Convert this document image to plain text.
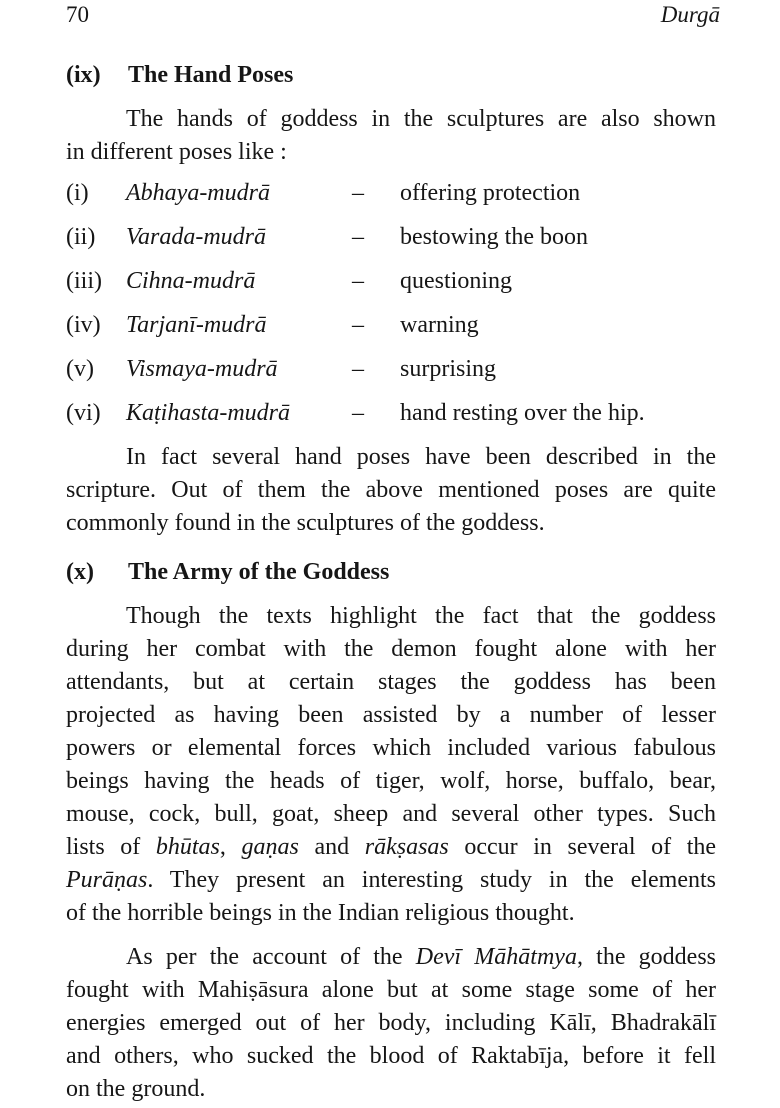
70	Durgā
(ix) The Hand Poses
The hands of goddess in the sculptures are also shown
in different poses like :
(i) Abhaya-mudrā	– offering protection
(ii) Varada-mudrā	– bestowing the boon
(iii) Cihna-mudrā	– questioning
(iv) Tarjanī-mudrā	– warning
(v) Vismaya-mudrā	– surprising
(vi) Kaṭihasta-mudrā	– hand resting over the hip.
In fact several hand poses have been described in the
scripture. Out of them the above mentioned poses are quite
commonly found in the sculptures of the goddess.
(x) The Army of the Goddess
Though the texts highlight the fact that the goddess
during her combat with the demon fought alone with her
attendants, but at certain stages the goddess has been
projected as having been assisted by a number of lesser
powers or elemental forces which included various fabulous
beings having the heads of tiger, wolf, horse, buffalo, bear,
mouse, cock, bull, goat, sheep and several other types. Such
lists of bhūtas, gaṇas and rākṣasas occur in several of the
Purāṇas. They present an interesting study in the elements
of the horrible beings in the Indian religious thought.
As per the account of the Devī Māhātmya, the goddess
fought with Mahiṣāsura alone but at some stage some of her
energies emerged out of her body, including Kālī, Bhadrakālī
and others, who sucked the blood of Raktabīja, before it fell
on the ground.
